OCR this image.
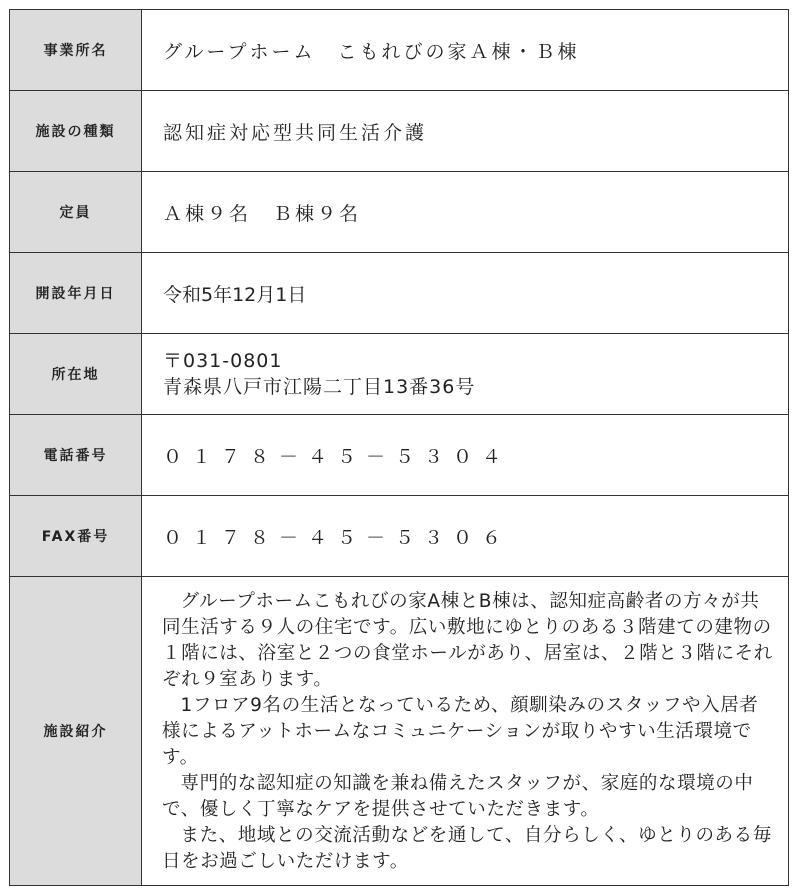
事業所名	グループホーム　こもれびの家Ａ棟・Ｂ棟
施設の種類	認知症対応型共同生活介護
定員	Ａ棟９名　Ｂ棟９名
開設年月日	令和5年12月1日
所在地	〒031-0801
青森県八戸市江陽二丁目13番36号

電話番号	０１７８－４５－５３０４
FAX番号	０１７８－４５－５３０６
施設紹介	グループホームこもれびの家A棟とB棟は、認知症高齢者の方々が共同生活する９人の住宅です。広い敷地にゆとりのある３階建ての建物の１階には、浴室と２つの食堂ホールがあり、居室は、２階と３階にそれぞれ９室あります。

1フロア9名の生活となっているため、顔馴染みのスタッフや入居者様によるアットホームなコミュニケーションが取りやすい生活環境です。

専門的な認知症の知識を兼ね備えたスタッフが、家庭的な環境の中で、優しく丁寧なケアを提供させていただきます。

また、地域との交流活動などを通して、自分らしく、ゆとりのある毎日をお過ごしいただけます。
